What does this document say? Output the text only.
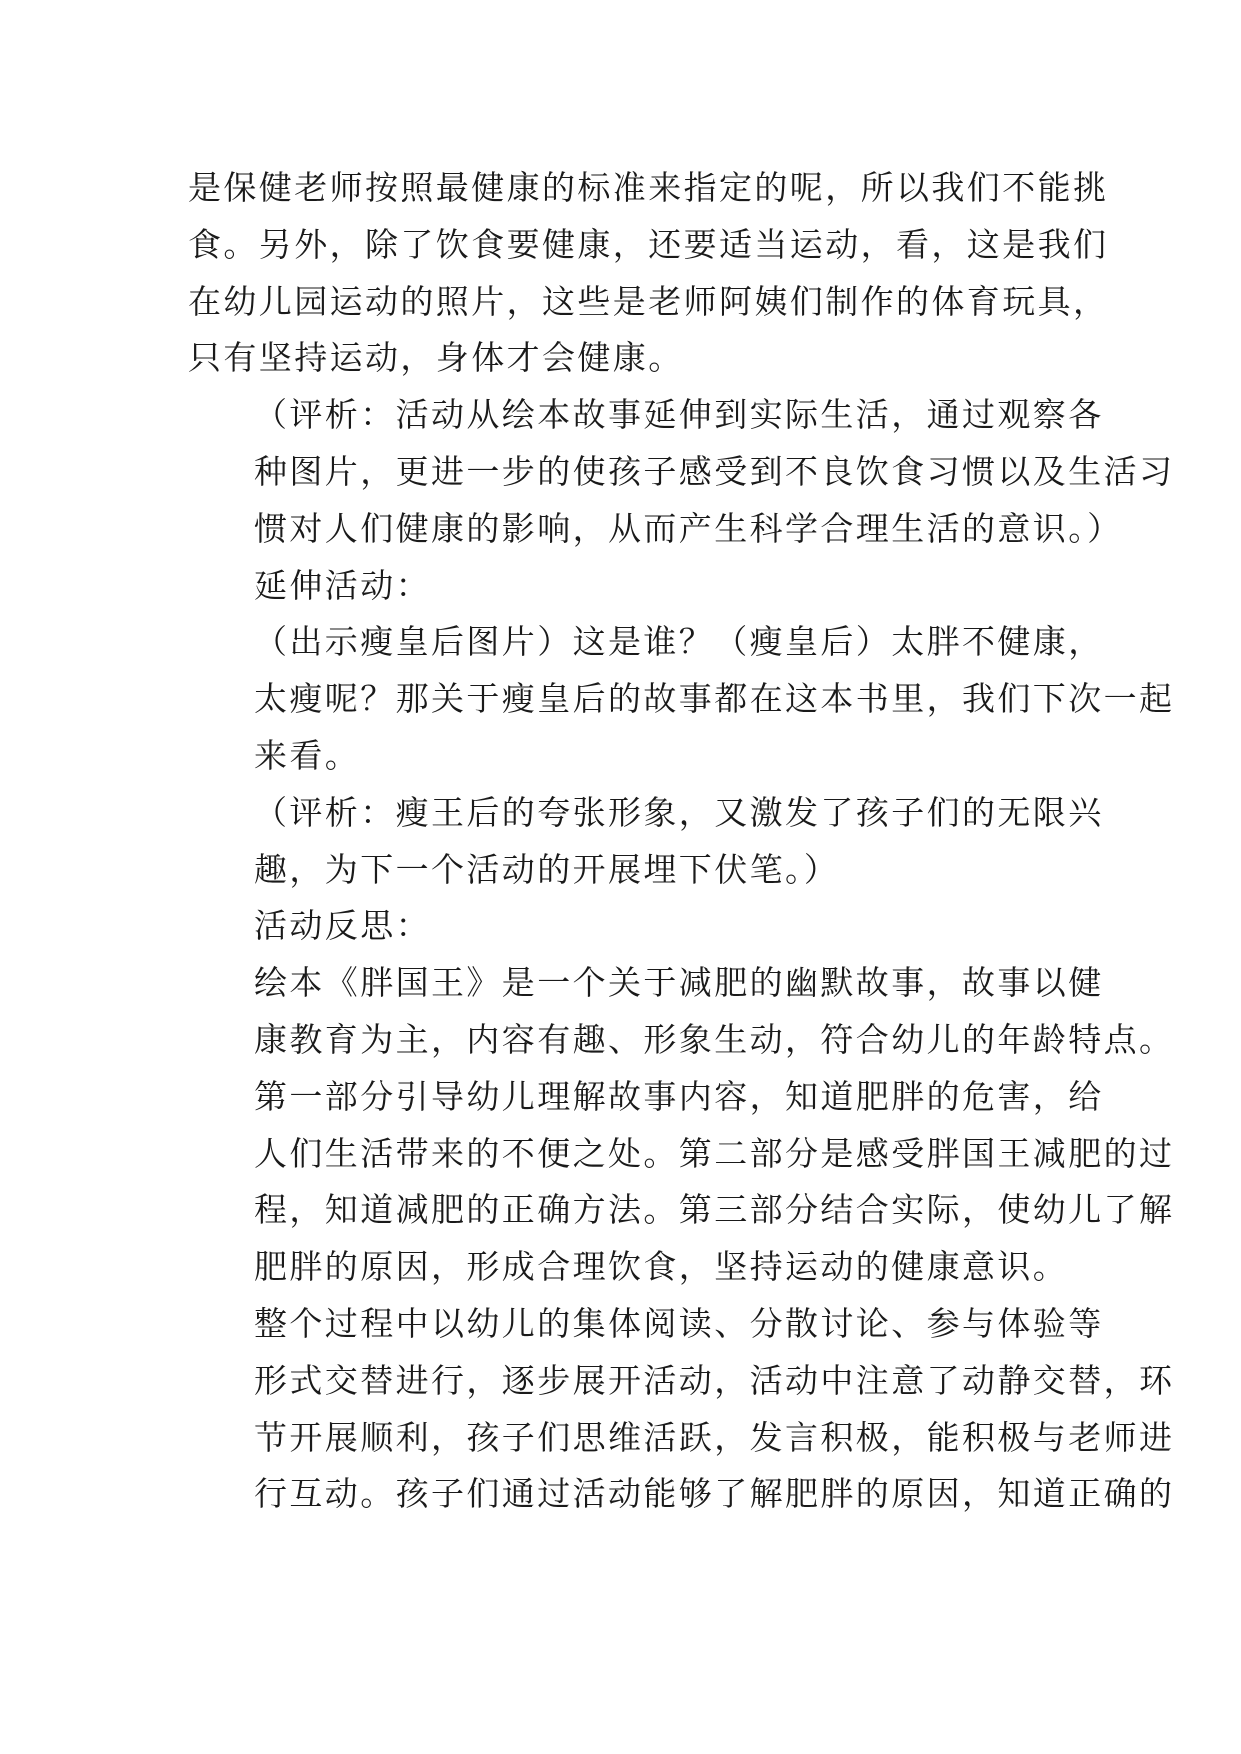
是保健老师按照最健康的标准来指定的呢，所以我们不能挑
食。另外，除了饮食要健康，还要适当运动，看，这是我们
在幼儿园运动的照片，这些是老师阿姨们制作的体育玩具，
只有坚持运动，身体才会健康。

（评析：活动从绘本故事延伸到实际生活，通过观察各
种图片，更进一步的使孩子感受到不良饮食习惯以及生活习
惯对人们健康的影响，从而产生科学合理生活的意识。）

延伸活动：

（出示瘦皇后图片）这是谁？（瘦皇后）太胖不健康，
太瘦呢？那关于瘦皇后的故事都在这本书里，我们下次一起
来看。

（评析：瘦王后的夸张形象，又激发了孩子们的无限兴
趣，为下一个活动的开展埋下伏笔。）

活动反思：

绘本《胖国王》是一个关于减肥的幽默故事，故事以健
康教育为主，内容有趣、形象生动，符合幼儿的年龄特点。

第一部分引导幼儿理解故事内容，知道肥胖的危害，给
人们生活带来的不便之处。第二部分是感受胖国王减肥的过
程，知道减肥的正确方法。第三部分结合实际，使幼儿了解
肥胖的原因，形成合理饮食，坚持运动的健康意识。

整个过程中以幼儿的集体阅读、分散讨论、参与体验等
形式交替进行，逐步展开活动，活动中注意了动静交替，环
节开展顺利，孩子们思维活跃，发言积极，能积极与老师进
行互动。孩子们通过活动能够了解肥胖的原因，知道正确的
